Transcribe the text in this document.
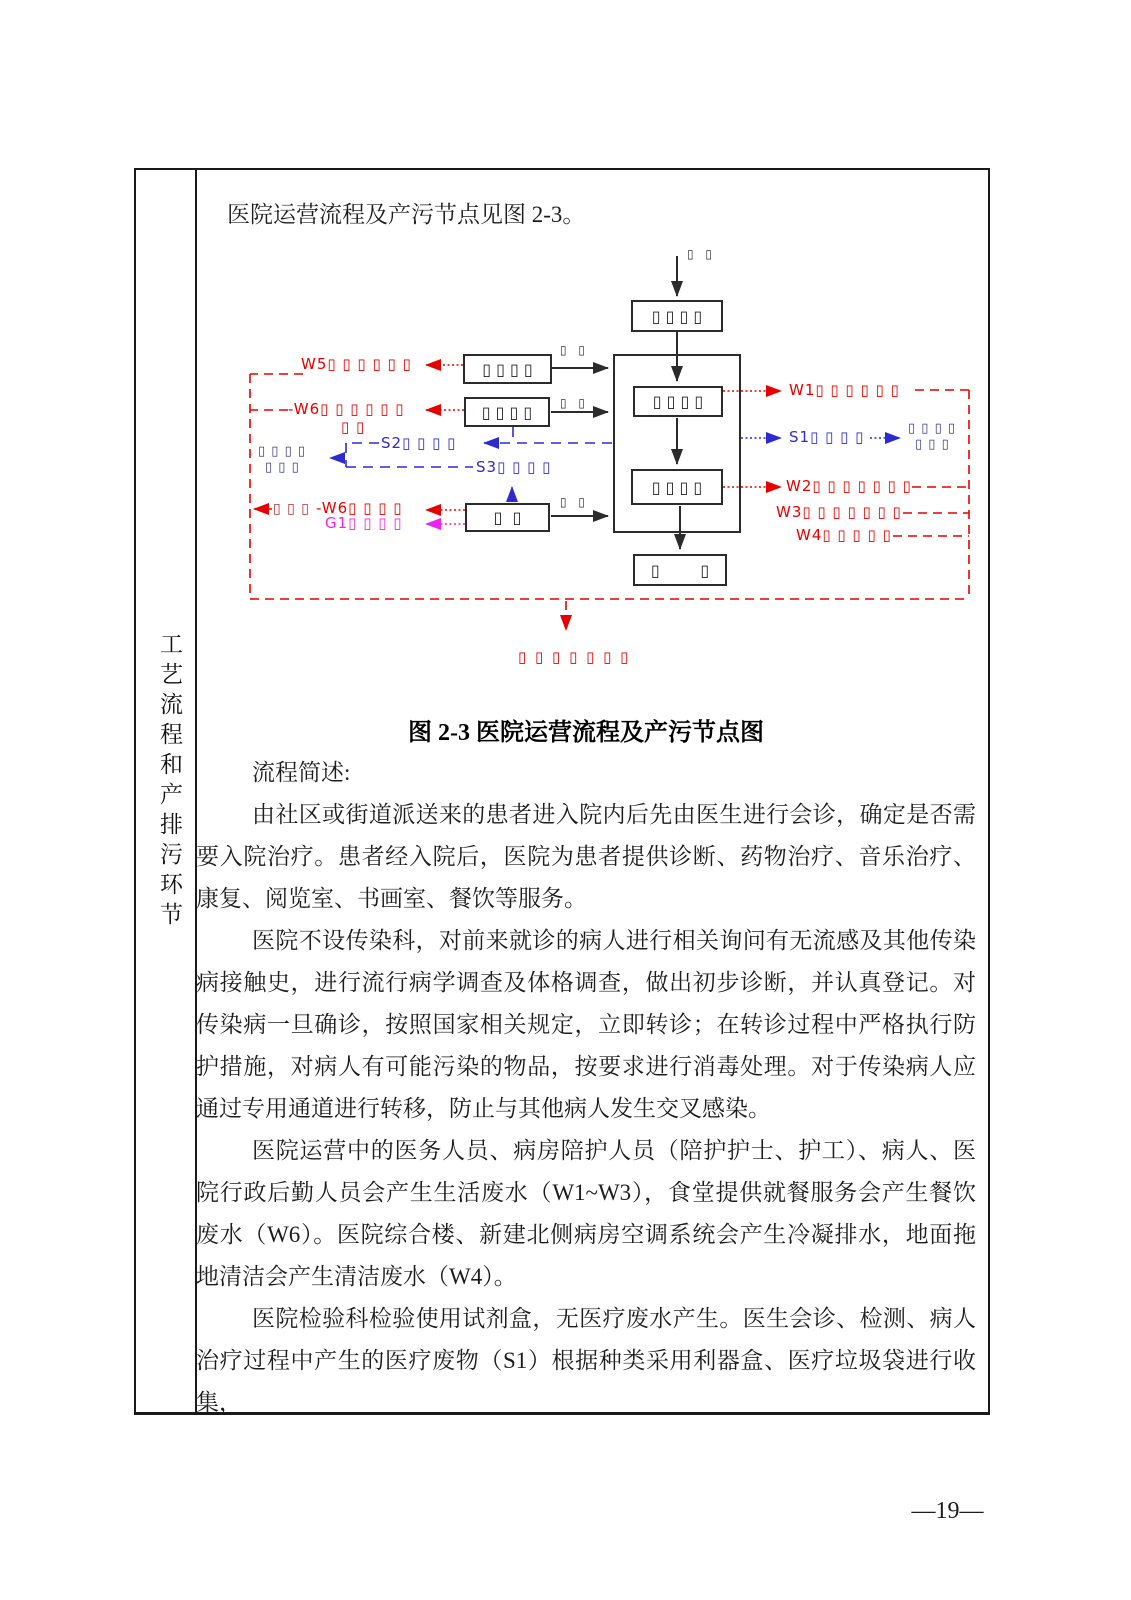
工艺流程和产排污环节
医院运营流程及产污节点见图 2-3。
▯ ▯ ▯ ▯
▯ ▯ ▯ ▯
▯ ▯ ▯ ▯
▯ ▯ ▯ ▯
▯ ▯ ▯ ▯
▯  ▯
▯        ▯
▯ ▯
▯ ▯
▯ ▯
▯ ▯
W5▯ ▯ ▯ ▯ ▯ ▯
-W6▯ ▯ ▯ ▯ ▯ ▯
▯ ▯
S2▯ ▯ ▯ ▯
S3▯ ▯ ▯ ▯
▯ ▯ ▯ -W6▯ ▯ ▯ ▯
G1▯ ▯ ▯ ▯
W1▯ ▯ ▯ ▯ ▯ ▯
S1▯ ▯ ▯ ▯
W2▯ ▯ ▯ ▯ ▯ ▯ ▯
W3▯ ▯ ▯ ▯ ▯ ▯ ▯
W4▯ ▯ ▯ ▯ ▯
▯ ▯ ▯ ▯
▯ ▯ ▯
▯ ▯ ▯ ▯
▯ ▯ ▯
▯ ▯ ▯ ▯ ▯ ▯ ▯
图 2-3 医院运营流程及产污节点图

流程简述:

由社区或街道派送来的患者进入院内后先由医生进行会诊，确定是否需要入院治疗。患者经入院后，医院为患者提供诊断、药物治疗、音乐治疗、康复、阅览室、书画室、餐饮等服务。

医院不设传染科，对前来就诊的病人进行相关询问有无流感及其他传染病接触史，进行流行病学调查及体格调查，做出初步诊断，并认真登记。对传染病一旦确诊，按照国家相关规定，立即转诊；在转诊过程中严格执行防护措施，对病人有可能污染的物品，按要求进行消毒处理。对于传染病人应通过专用通道进行转移，防止与其他病人发生交叉感染。

医院运营中的医务人员、病房陪护人员（陪护护士、护工）、病人、医院行政后勤人员会产生生活废水（W1~W3），食堂提供就餐服务会产生餐饮废水（W6）。医院综合楼、新建北侧病房空调系统会产生冷凝排水，地面拖地清洁会产生清洁废水（W4）。

医院检验科检验使用试剂盒，无医疗废水产生。医生会诊、检测、病人治疗过程中产生的医疗废物（S1）根据种类采用利器盒、医疗垃圾袋进行收集，

—19—
